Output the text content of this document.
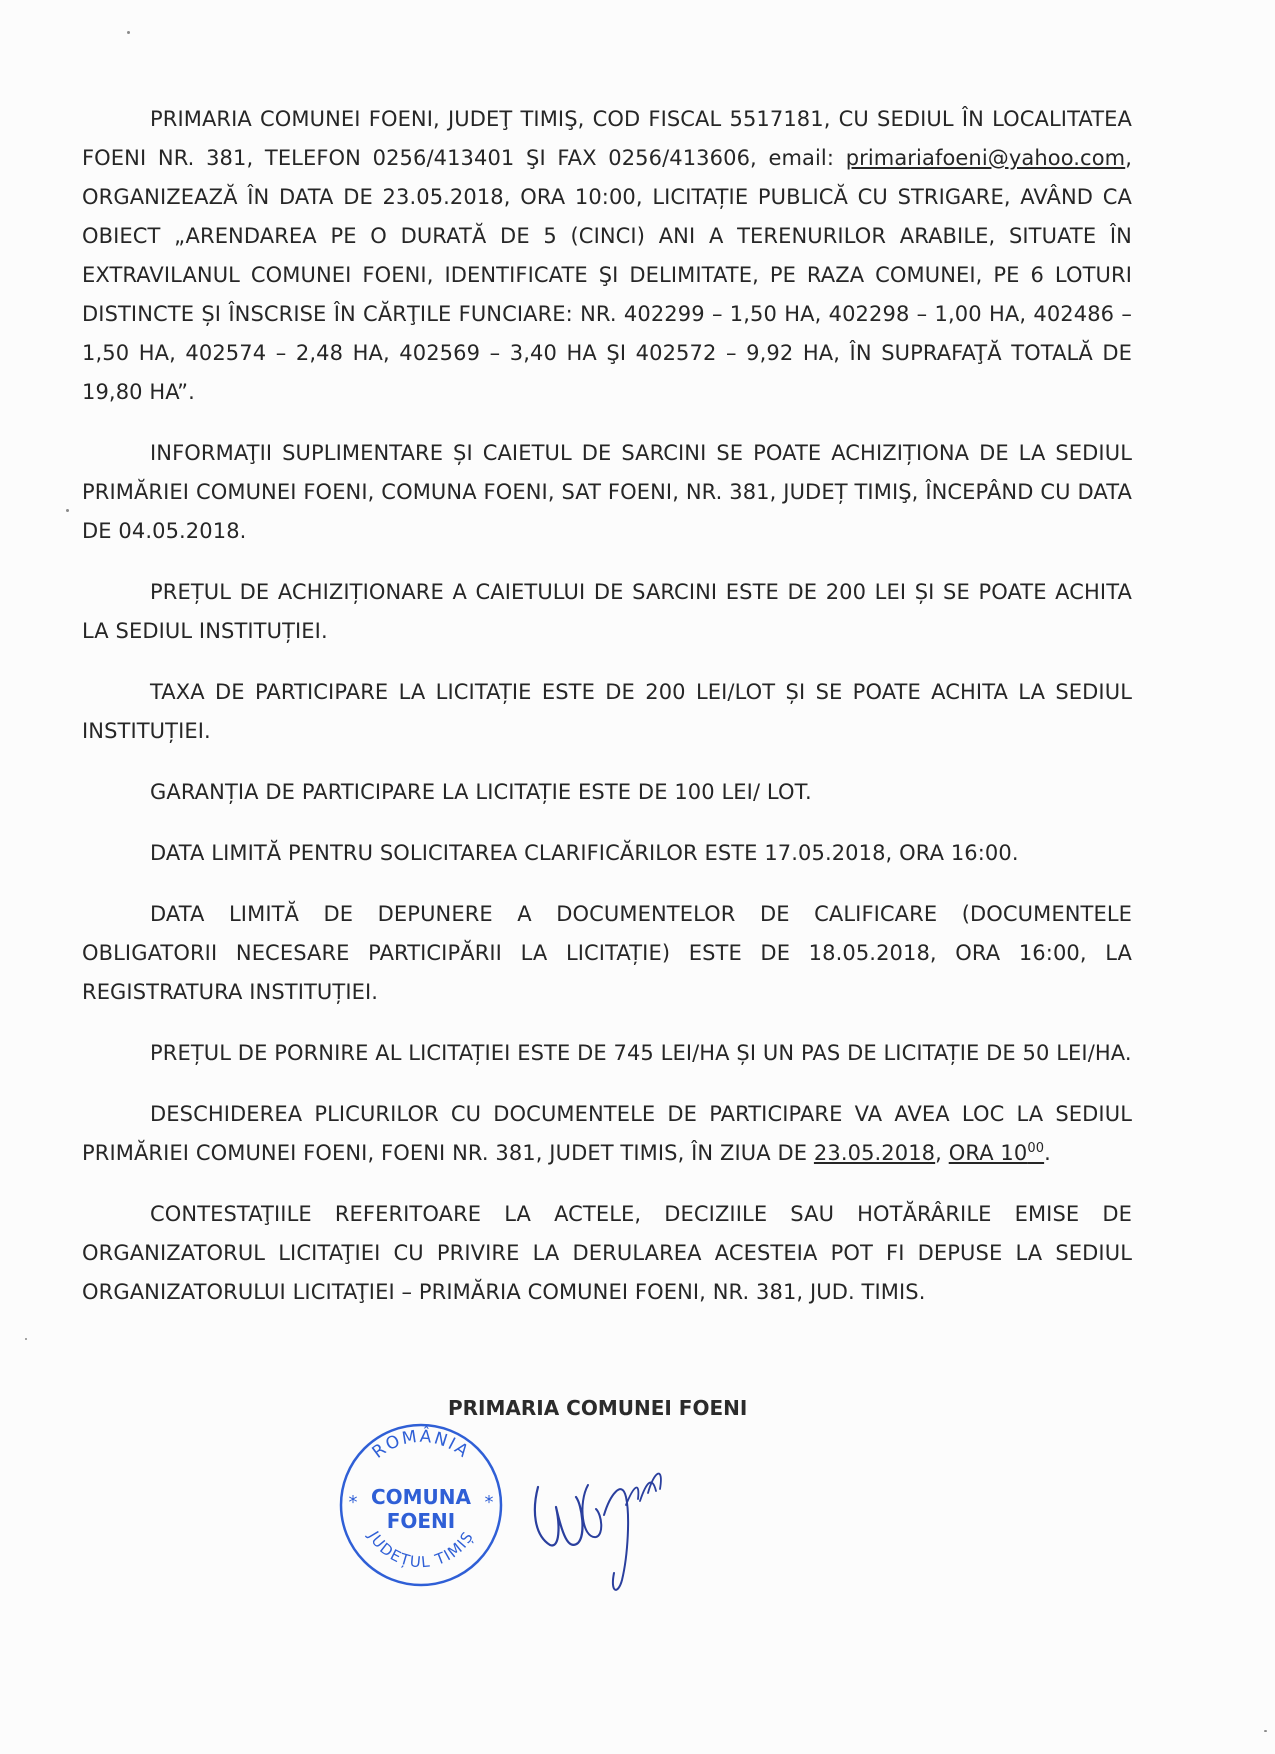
PRIMARIA COMUNEI FOENI, JUDEŢ TIMIŞ, COD FISCAL 5517181, CU SEDIUL ÎN LOCALITATEA FOENI NR. 381, TELEFON 0256/413401 ŞI FAX 0256/413606, email: primariafoeni@yahoo.com, ORGANIZEAZĂ ÎN DATA DE 23.05.2018, ORA 10:00, LICITAȚIE PUBLICĂ CU STRIGARE, AVÂND CA OBIECT „ARENDAREA PE O DURATĂ DE 5 (CINCI) ANI A TERENURILOR ARABILE, SITUATE ÎN EXTRAVILANUL COMUNEI FOENI, IDENTIFICATE ŞI DELIMITATE, PE RAZA COMUNEI, PE 6 LOTURI DISTINCTE ȘI ÎNSCRISE ÎN CĂRŢILE FUNCIARE: NR. 402299 – 1,50 HA, 402298 – 1,00 HA, 402486 – 1,50 HA, 402574 – 2,48 HA, 402569 – 3,40 HA ŞI 402572 – 9,92 HA, ÎN SUPRAFAŢĂ TOTALĂ DE 19,80 HA”.

INFORMAŢII SUPLIMENTARE ȘI CAIETUL DE SARCINI SE POATE ACHIZIȚIONA DE LA SEDIUL PRIMĂRIEI COMUNEI FOENI, COMUNA FOENI, SAT FOENI, NR. 381, JUDEȚ TIMIŞ, ÎNCEPÂND CU DATA DE 04.05.2018.

PREȚUL DE ACHIZIȚIONARE A CAIETULUI DE SARCINI ESTE DE 200 LEI ȘI SE POATE ACHITA LA SEDIUL INSTITUȚIEI.

TAXA DE PARTICIPARE LA LICITAȚIE ESTE DE 200 LEI/LOT ȘI SE POATE ACHITA LA SEDIUL INSTITUȚIEI.

GARANȚIA DE PARTICIPARE LA LICITAȚIE ESTE DE 100 LEI/ LOT.

DATA LIMITĂ PENTRU SOLICITAREA CLARIFICĂRILOR ESTE 17.05.2018, ORA 16:00.

DATA LIMITĂ DE DEPUNERE A DOCUMENTELOR DE CALIFICARE (DOCUMENTELE OBLIGATORII NECESARE PARTICIPĂRII LA LICITAȚIE) ESTE DE 18.05.2018, ORA 16:00, LA REGISTRATURA INSTITUȚIEI.

PREȚUL DE PORNIRE AL LICITAȚIEI ESTE DE 745 LEI/HA ȘI UN PAS DE LICITAȚIE DE 50 LEI/HA.

DESCHIDEREA PLICURILOR CU DOCUMENTELE DE PARTICIPARE VA AVEA LOC LA SEDIUL PRIMĂRIEI COMUNEI FOENI, FOENI NR. 381, JUDET TIMIS, ÎN ZIUA DE 23.05.2018, ORA $10^{00}$.

CONTESTAŢIILE REFERITOARE LA ACTELE, DECIZIILE SAU HOTĂRÂRILE EMISE DE ORGANIZATORUL LICITAŢIEI CU PRIVIRE LA DERULAREA ACESTEIA POT FI DEPUSE LA SEDIUL ORGANIZATORULUI LICITAŢIEI – PRIMĂRIA COMUNEI FOENI, NR. 381, JUD. TIMIS.

PRIMARIA COMUNEI FOENI
ROMÂNIA
COMUNA
FOENI
*	*
JUDEȚUL TIMIȘ
